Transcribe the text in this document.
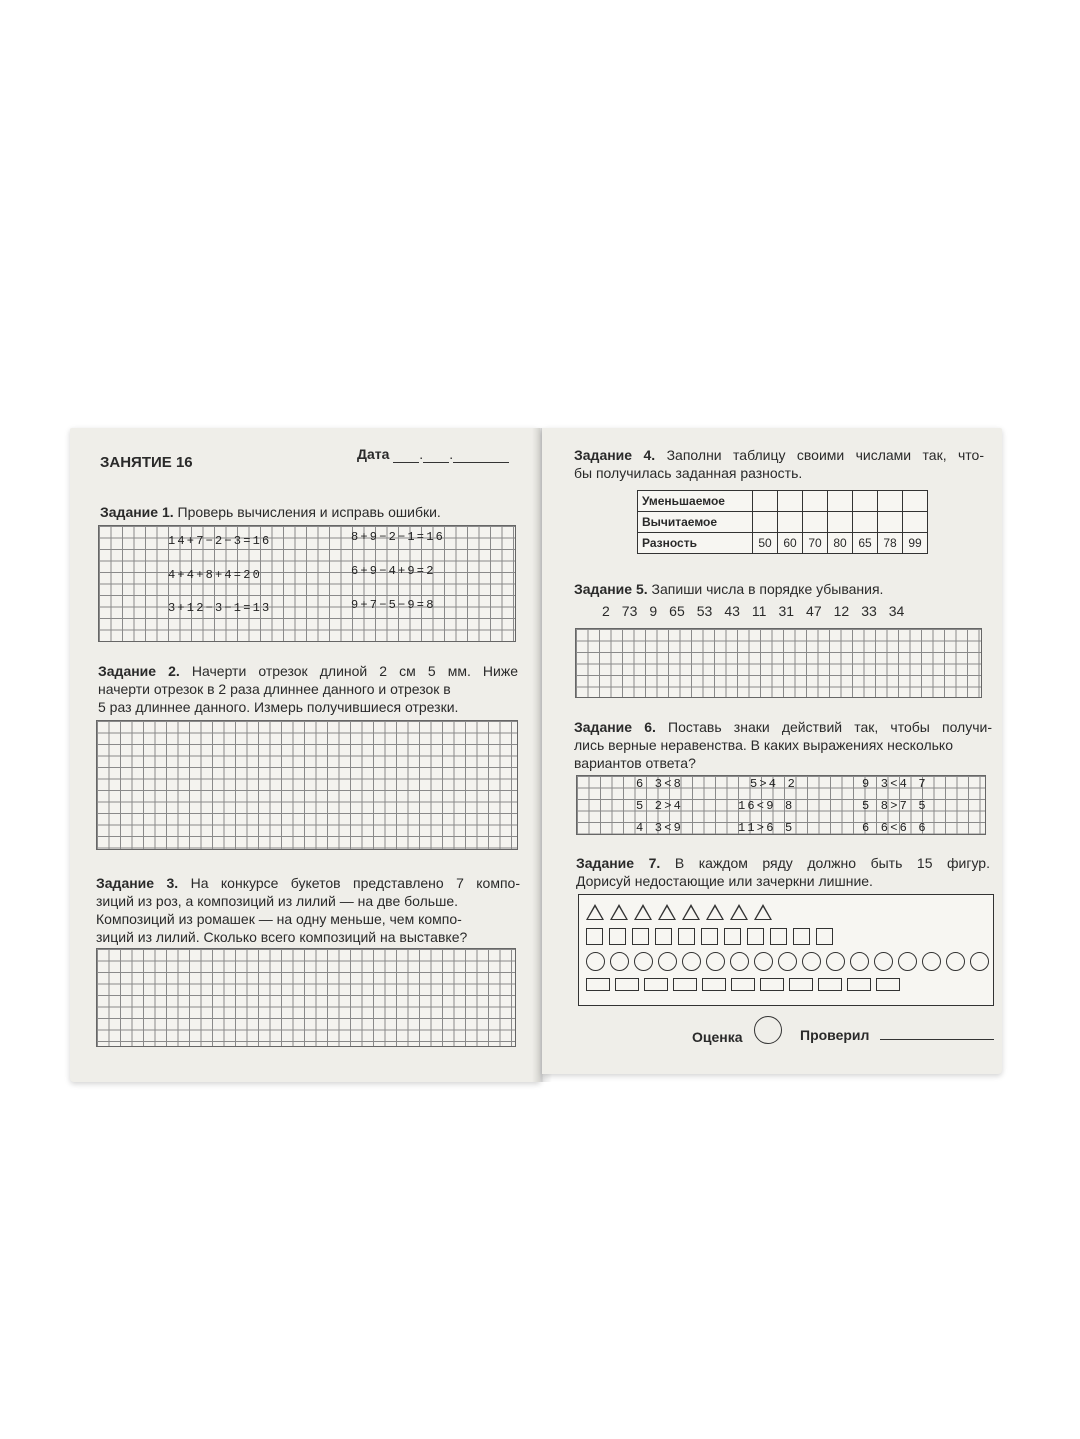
ЗАНЯТИЕ 16	Дата . .
Задание 1. Проверь вычисления и исправь ошибки.
14+7−2−3=16
4+4+8+4=20
3+12−3−1=13
8+9−2−1=16
6+9−4+9=2
9+7−5−9=8
Задание 2. Начерти отрезок длиной 2 см 5 мм. Ниже
начерти отрезок в 2 раза длиннее данного и отрезок в
5 раз длиннее данного. Измерь получившиеся отрезки.
Задание 3. На конкурсе букетов представлено 7 компо-
зиций из роз, а композиций из лилий — на две больше.
Композиций из ромашек — на одну меньше, чем компо-
зиций из лилий. Сколько всего композиций на выставке?
Задание 4. Заполни таблицу своими числами так, что-
бы получилась заданная разность.
Уменьшаемое							
Вычитаемое							
Разность	50	60	70	80	65	78	99
Задание 5. Запиши числа в порядке убывания.
2 73 9 65 53 43 11 31 47 12 33 34
Задание 6. Поставь знаки действий так, чтобы получи-
лись верные неравенства. В каких выражениях несколько
вариантов ответа?
6 3<8
5 2>4
4 3<9
5>4 2
16<9 8
11>6 5
9 3<4 7
5 8>7 5
6 6<6 6
Задание 7. В каждом ряду должно быть 15 фигур.
Дорисуй недостающие или зачеркни лишние.
Оценка	Проверил
